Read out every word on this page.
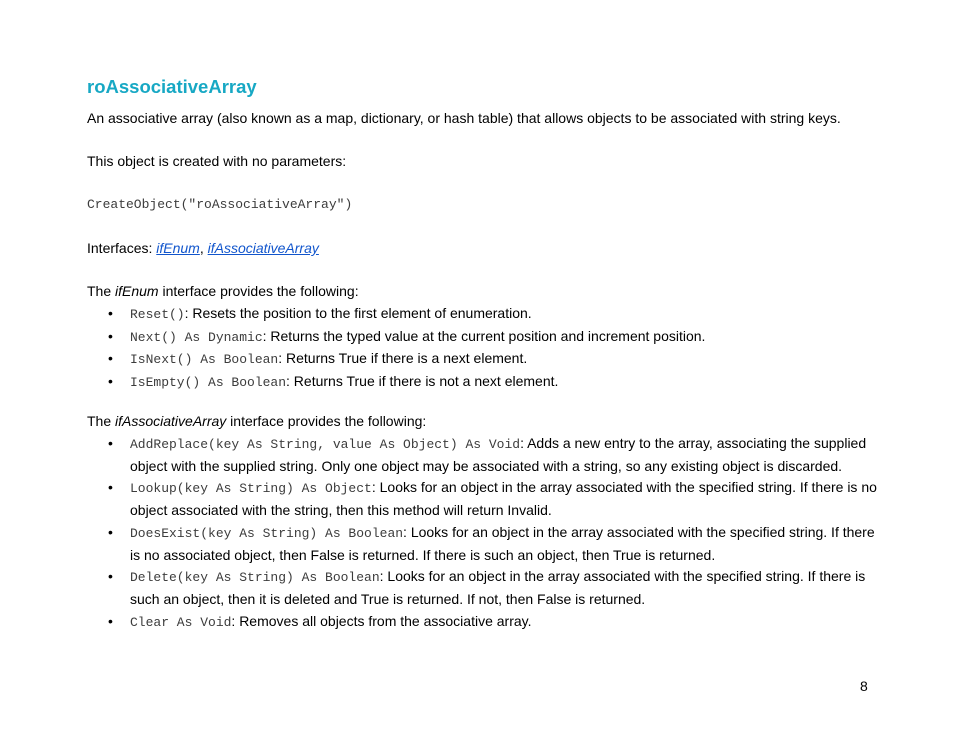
roAssociativeArray

An associative array (also known as a map, dictionary, or hash table) that allows objects to be associated with string keys.

This object is created with no parameters:

CreateObject("roAssociativeArray")

Interfaces: ifEnum, ifAssociativeArray

The ifEnum interface provides the following:

• Reset(): Resets the position to the first element of enumeration.
• Next() As Dynamic: Returns the typed value at the current position and increment position.
• IsNext() As Boolean: Returns True if there is a next element.
• IsEmpty() As Boolean: Returns True if there is not a next element.

The ifAssociativeArray interface provides the following:

• AddReplace(key As String, value As Object) As Void: Adds a new entry to the array, associating the supplied object with the supplied string. Only one object may be associated with a string, so any existing object is discarded.
• Lookup(key As String) As Object: Looks for an object in the array associated with the specified string. If there is no object associated with the string, then this method will return Invalid.
• DoesExist(key As String) As Boolean: Looks for an object in the array associated with the specified string. If there is no associated object, then False is returned. If there is such an object, then True is returned.
• Delete(key As String) As Boolean: Looks for an object in the array associated with the specified string. If there is such an object, then it is deleted and True is returned. If not, then False is returned.
• Clear As Void: Removes all objects from the associative array.
8
